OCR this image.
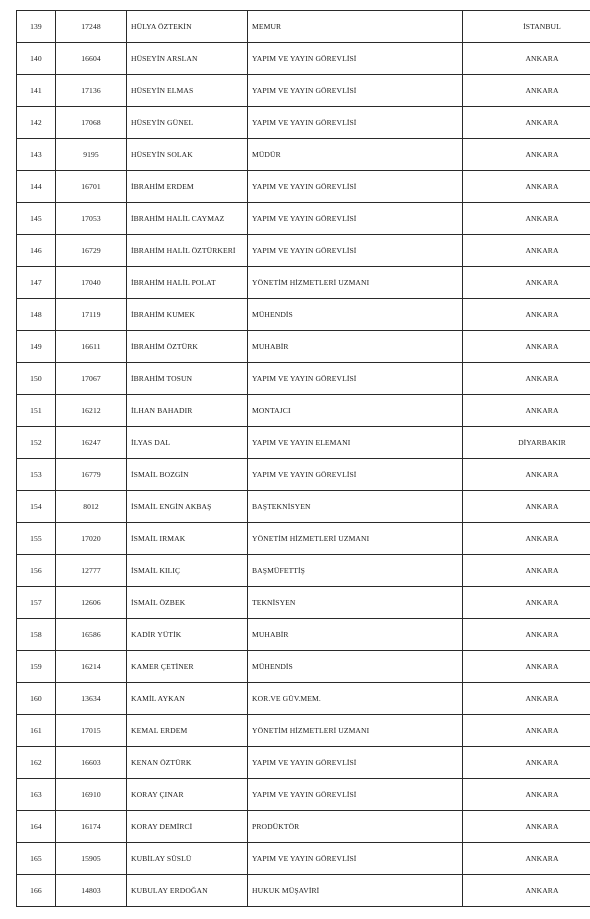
139	17248	HÜLYA ÖZTEKİN	MEMUR	İSTANBUL
140	16604	HÜSEYİN ARSLAN	YAPIM VE YAYIN GÖREVLİSİ	ANKARA
141	17136	HÜSEYİN ELMAS	YAPIM VE YAYIN GÖREVLİSİ	ANKARA
142	17068	HÜSEYİN GÜNEL	YAPIM VE YAYIN GÖREVLİSİ	ANKARA
143	9195	HÜSEYİN SOLAK	MÜDÜR	ANKARA
144	16701	İBRAHİM ERDEM	YAPIM VE YAYIN GÖREVLİSİ	ANKARA
145	17053	İBRAHİM HALİL CAYMAZ	YAPIM VE YAYIN GÖREVLİSİ	ANKARA
146	16729	İBRAHİM HALİL ÖZTÜRKERİ	YAPIM VE YAYIN GÖREVLİSİ	ANKARA
147	17040	İBRAHİM HALİL POLAT	YÖNETİM HİZMETLERİ UZMANI	ANKARA
148	17119	İBRAHİM KUMEK	MÜHENDİS	ANKARA
149	16611	İBRAHİM ÖZTÜRK	MUHABİR	ANKARA
150	17067	İBRAHİM TOSUN	YAPIM VE YAYIN GÖREVLİSİ	ANKARA
151	16212	İLHAN BAHADIR	MONTAJCI	ANKARA
152	16247	İLYAS DAL	YAPIM VE YAYIN ELEMANI	DİYARBAKIR
153	16779	İSMAİL BOZGİN	YAPIM VE YAYIN GÖREVLİSİ	ANKARA
154	8012	İSMAİL ENGİN AKBAŞ	BAŞTEKNİSYEN	ANKARA
155	17020	İSMAİL IRMAK	YÖNETİM HİZMETLERİ UZMANI	ANKARA
156	12777	İSMAİL KILIÇ	BAŞMÜFETTİŞ	ANKARA
157	12606	İSMAİL ÖZBEK	TEKNİSYEN	ANKARA
158	16586	KADİR YÜTİK	MUHABİR	ANKARA
159	16214	KAMER ÇETİNER	MÜHENDİS	ANKARA
160	13634	KAMİL AYKAN	KOR.VE GÜV.MEM.	ANKARA
161	17015	KEMAL ERDEM	YÖNETİM HİZMETLERİ UZMANI	ANKARA
162	16603	KENAN ÖZTÜRK	YAPIM VE YAYIN GÖREVLİSİ	ANKARA
163	16910	KORAY ÇINAR	YAPIM VE YAYIN GÖREVLİSİ	ANKARA
164	16174	KORAY DEMİRCİ	PRODÜKTÖR	ANKARA
165	15905	KUBİLAY SÜSLÜ	YAPIM VE YAYIN GÖREVLİSİ	ANKARA
166	14803	KUBULAY ERDOĞAN	HUKUK MÜŞAVİRİ	ANKARA
